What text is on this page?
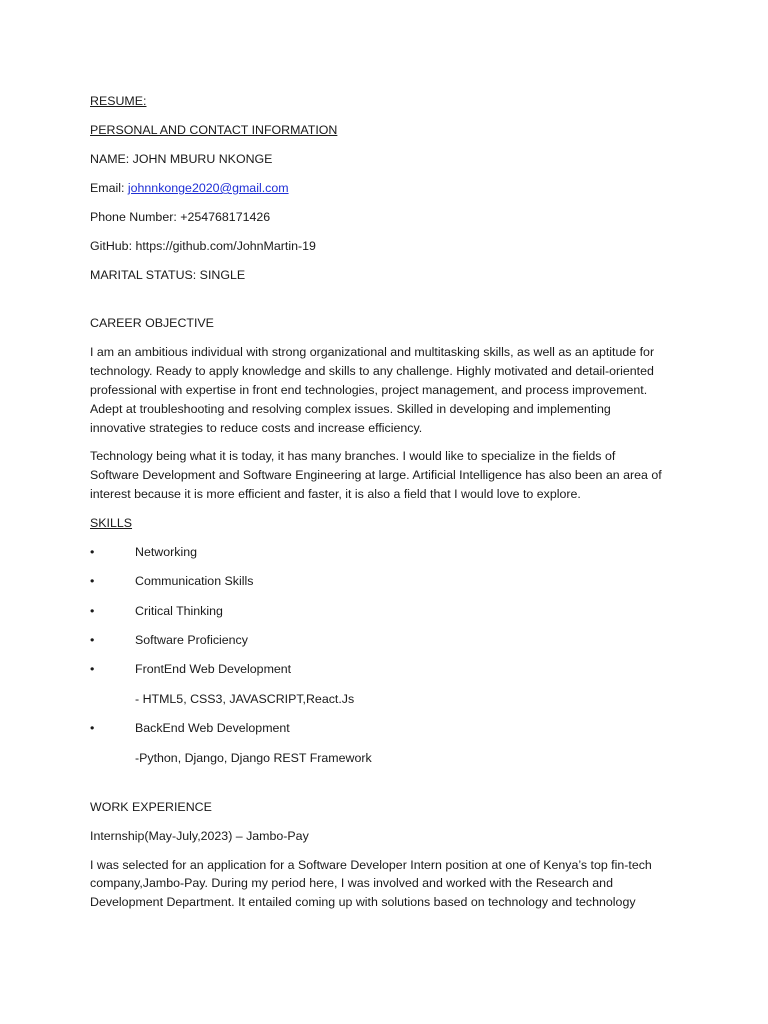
RESUME:
PERSONAL AND CONTACT INFORMATION
NAME: JOHN MBURU NKONGE
Email: johnnkonge2020@gmail.com
Phone Number: +254768171426
GitHub: https://github.com/JohnMartin-19
MARITAL STATUS: SINGLE
CAREER OBJECTIVE
I am an ambitious individual with strong organizational and multitasking skills, as well as an aptitude for
technology. Ready to apply knowledge and skills to any challenge. Highly motivated and detail-oriented
professional with expertise in front end technologies, project management, and process improvement.
Adept at troubleshooting and resolving complex issues. Skilled in developing and implementing
innovative strategies to reduce costs and increase efficiency.
Technology being what it is today, it has many branches. I would like to specialize in the fields of
Software Development and Software Engineering at large. Artificial Intelligence has also been an area of
interest because it is more efficient and faster, it is also a field that I would love to explore.
SKILLS
•	Networking
•	Communication Skills
•	Critical Thinking
•	Software Proficiency
•	FrontEnd Web Development
- HTML5, CSS3, JAVASCRIPT,React.Js
•	BackEnd Web Development
-Python, Django, Django REST Framework
WORK EXPERIENCE
Internship(May-July,2023) – Jambo-Pay
I was selected for an application for a Software Developer Intern position at one of Kenya’s top fin-tech
company,Jambo-Pay. During my period here, I was involved and worked with the Research and
Development Department. It entailed coming up with solutions based on technology and technology
